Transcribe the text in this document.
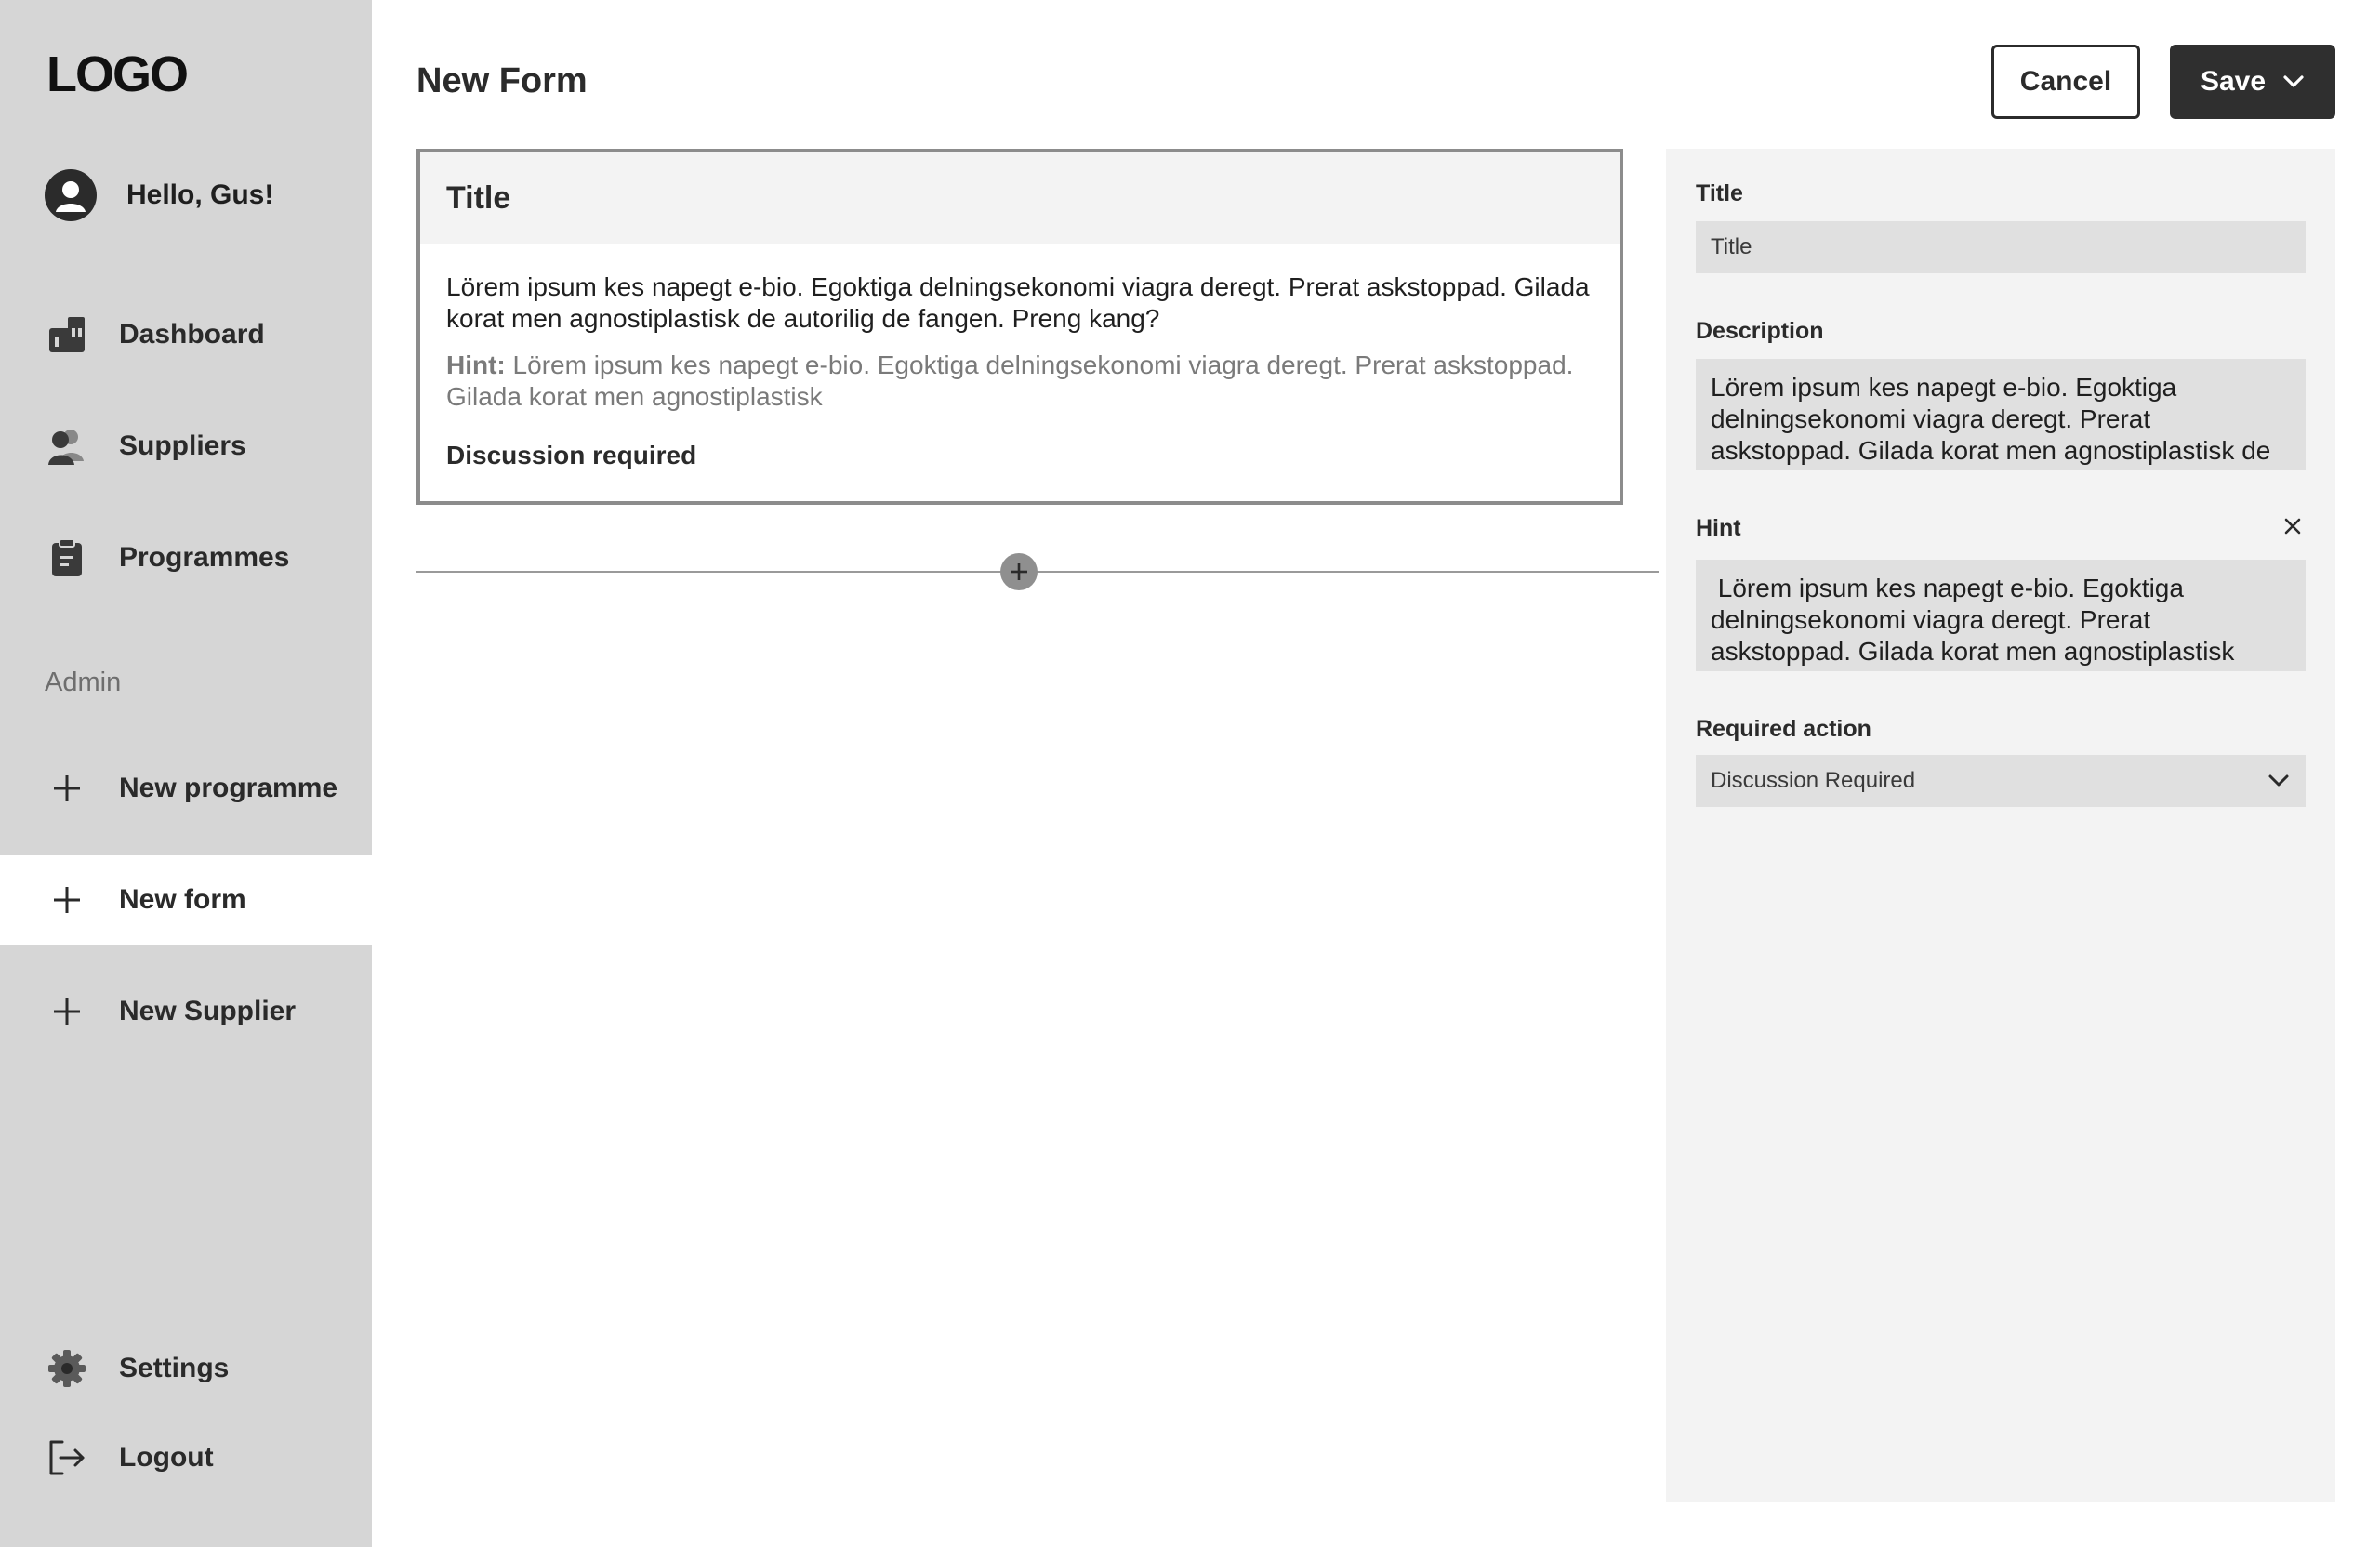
LOGO
Hello, Gus!
Dashboard
Suppliers
Programmes
Admin
New programme
New form
New Supplier
Settings
Logout
New Form	Cancel	Save
Title

Lörem ipsum kes napegt e-bio. Egoktiga delningsekonomi viagra deregt. Prerat askstoppad. Gilada korat men agnostiplastisk de autorilig de fangen. Preng kang?

Hint: Lörem ipsum kes napegt e-bio. Egoktiga delningsekonomi viagra deregt. Prerat askstoppad. Gilada korat men agnostiplastisk

Discussion required

Title
Title
Description
Lörem ipsum kes napegt e-bio. Egoktiga delningsekonomi viagra deregt. Prerat askstoppad. Gilada korat men agnostiplastisk de
Hint
Lörem ipsum kes napegt e-bio. Egoktiga delningsekonomi viagra deregt. Prerat askstoppad. Gilada korat men agnostiplastisk
Required action
Discussion Required
